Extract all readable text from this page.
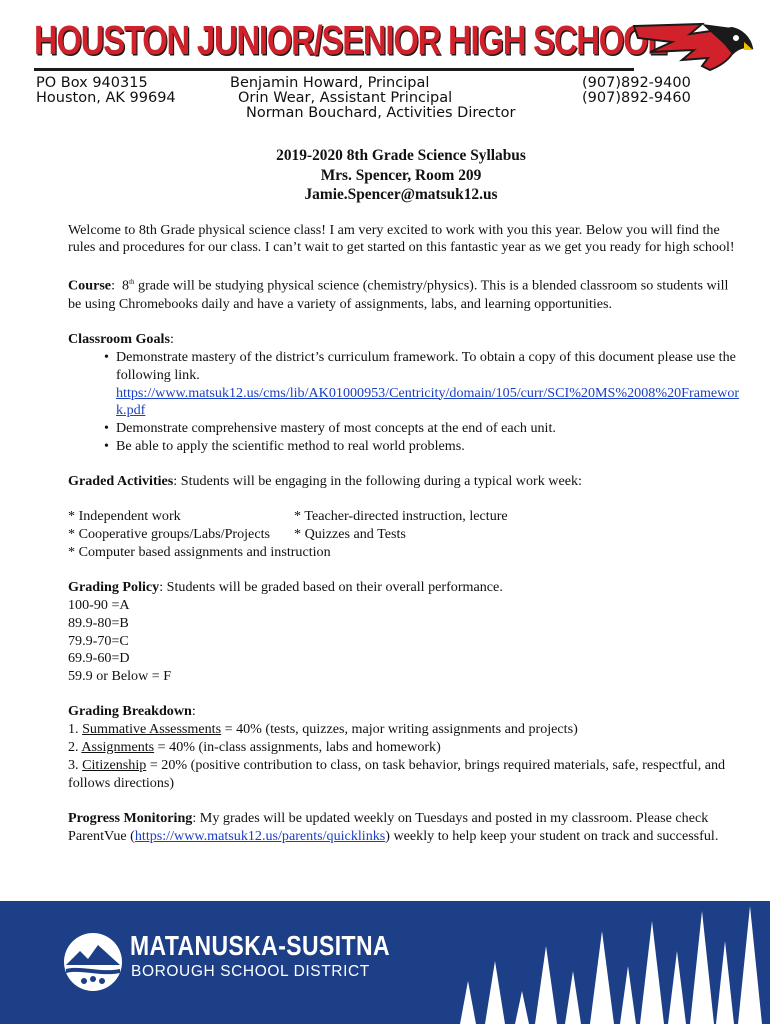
HOUSTON JUNIOR/SENIOR HIGH SCHOOL
PO Box 940315
Houston, AK 99694
Benjamin Howard, Principal
Orin Wear, Assistant Principal
Norman Bouchard, Activities Director
(907)892-9400
(907)892-9460
2019-2020 8th Grade Science Syllabus
Mrs. Spencer, Room 209
Jamie.Spencer@matsuk12.us

Welcome to 8th Grade physical science class! I am very excited to work with you this year. Below you will find the rules and procedures for our class. I can’t wait to get started on this fantastic year as we get you ready for high school!

Course:  8th grade will be studying physical science (chemistry/physics). This is a blended classroom so students will be using Chromebooks daily and have a variety of assignments, labs, and learning opportunities.

Classroom Goals:

• Demonstrate mastery of the district’s curriculum framework. To obtain a copy of this document please use the following link.
https://www.matsuk12.us/cms/lib/AK01000953/Centricity/domain/105/curr/SCI%20MS%2008%20Framework.pdf
• Demonstrate comprehensive mastery of most concepts at the end of each unit.
• Be able to apply the scientific method to real world problems.

Graded Activities: Students will be engaging in the following during a typical work week:

* Independent work	* Teacher-directed instruction, lecture
* Cooperative groups/Labs/Projects	* Quizzes and Tests
* Computer based assignments and instruction

Grading Policy: Students will be graded based on their overall performance.

100-90 =A
89.9-80=B
79.9-70=C
69.9-60=D
59.9 or Below = F

Grading Breakdown:

1. Summative Assessments = 40% (tests, quizzes, major writing assignments and projects)
2. Assignments = 40% (in-class assignments, labs and homework)
3. Citizenship = 20% (positive contribution to class, on task behavior, brings required materials, safe, respectful, and follows directions)

Progress Monitoring: My grades will be updated weekly on Tuesdays and posted in my classroom. Please check ParentVue (https://www.matsuk12.us/parents/quicklinks) weekly to help keep your student on track and successful.

MATANUSKA-SUSITNA
BOROUGH SCHOOL DISTRICT
